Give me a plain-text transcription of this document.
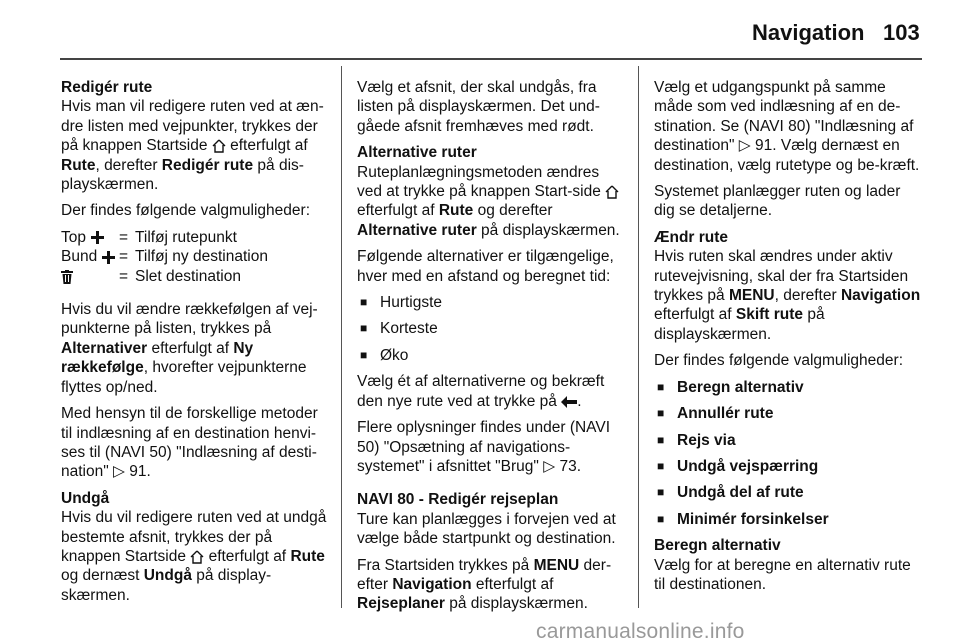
Navigation 103

Redigér rute
Hvis man vil redigere ruten ved at æn-dre listen med vejpunkter, trykkes der på knappen Startside  efterfulgt af Rute, derefter Redigér rute på dis-playskærmen.

Der findes følgende valgmuligheder:

Top = Tilføj rutepunkt
Bund = Tilføj ny destination
= Slet destination

Hvis du vil ændre rækkefølgen af vej-punkterne på listen, trykkes på Alternativer efterfulgt af Ny rækkefølge, hvorefter vejpunkterne flyttes op/ned.

Med hensyn til de forskellige metoder til indlæsning af en destination henvi-ses til (NAVI 50) "Indlæsning af desti-nation" ▷ 91.

Undgå
Hvis du vil redigere ruten ved at undgå bestemte afsnit, trykkes der på knappen Startside  efterfulgt af Rute og dernæst Undgå på display-skærmen.

Vælg et afsnit, der skal undgås, fra listen på displayskærmen. Det und-gåede afsnit fremhæves med rødt.

Alternative ruter
Ruteplanlægningsmetoden ændres ved at trykke på knappen Start-side  efterfulgt af Rute og derefter Alternative ruter på displayskærmen.

Følgende alternativer er tilgængelige, hver med en afstand og beregnet tid:

■ Hurtigste
■ Korteste
■ Øko

Vælg ét af alternativerne og bekræft den nye rute ved at trykke på .

Flere oplysninger findes under (NAVI 50) "Opsætning af navigations-systemet" i afsnittet "Brug" ▷ 73.

NAVI 80 - Redigér rejseplan
Ture kan planlægges i forvejen ved at vælge både startpunkt og destination.

Fra Startsiden trykkes på MENU der-efter Navigation efterfulgt af Rejseplaner på displayskærmen.

Vælg et udgangspunkt på samme måde som ved indlæsning af en de-stination. Se (NAVI 80) "Indlæsning af destination" ▷ 91. Vælg dernæst en destination, vælg rutetype og be-kræft.

Systemet planlægger ruten og lader dig se detaljerne.

Ændr rute
Hvis ruten skal ændres under aktiv rutevejvisning, skal der fra Startsiden trykkes på MENU, derefter Navigation efterfulgt af Skift rute på displayskærmen.

Der findes følgende valgmuligheder:

■ Beregn alternativ
■ Annullér rute
■ Rejs via
■ Undgå vejspærring
■ Undgå del af rute
■ Minimér forsinkelser

Beregn alternativ
Vælg for at beregne en alternativ rute til destinationen.

carmanualsonline.info
